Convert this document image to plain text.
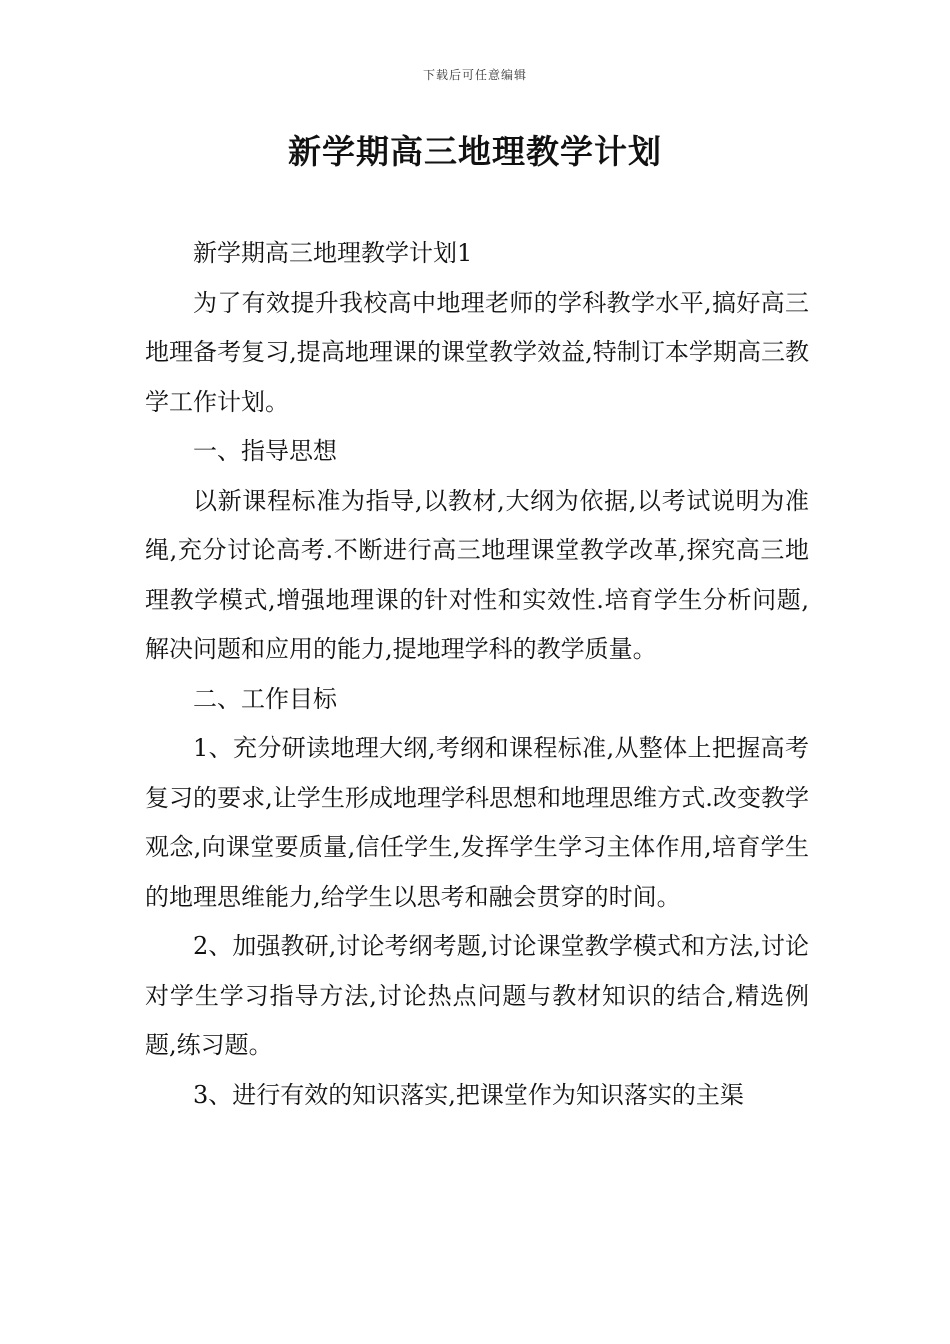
下载后可任意编辑
新学期高三地理教学计划

新学期高三地理教学计划1

为了有效提升我校高中地理老师的学科教学水平,搞好高三地理备考复习,提高地理课的课堂教学效益,特制订本学期高三教学工作计划。

一、指导思想

以新课程标准为指导,以教材,大纲为依据,以考试说明为准绳,充分讨论高考.不断进行高三地理课堂教学改革,探究高三地理教学模式,增强地理课的针对性和实效性.培育学生分析问题,解决问题和应用的能力,提地理学科的教学质量。

二、工作目标

1、充分研读地理大纲,考纲和课程标准,从整体上把握高考复习的要求,让学生形成地理学科思想和地理思维方式.改变教学观念,向课堂要质量,信任学生,发挥学生学习主体作用,培育学生的地理思维能力,给学生以思考和融会贯穿的时间。

2、加强教研,讨论考纲考题,讨论课堂教学模式和方法,讨论对学生学习指导方法,讨论热点问题与教材知识的结合,精选例题,练习题。

3、进行有效的知识落实,把课堂作为知识落实的主渠
